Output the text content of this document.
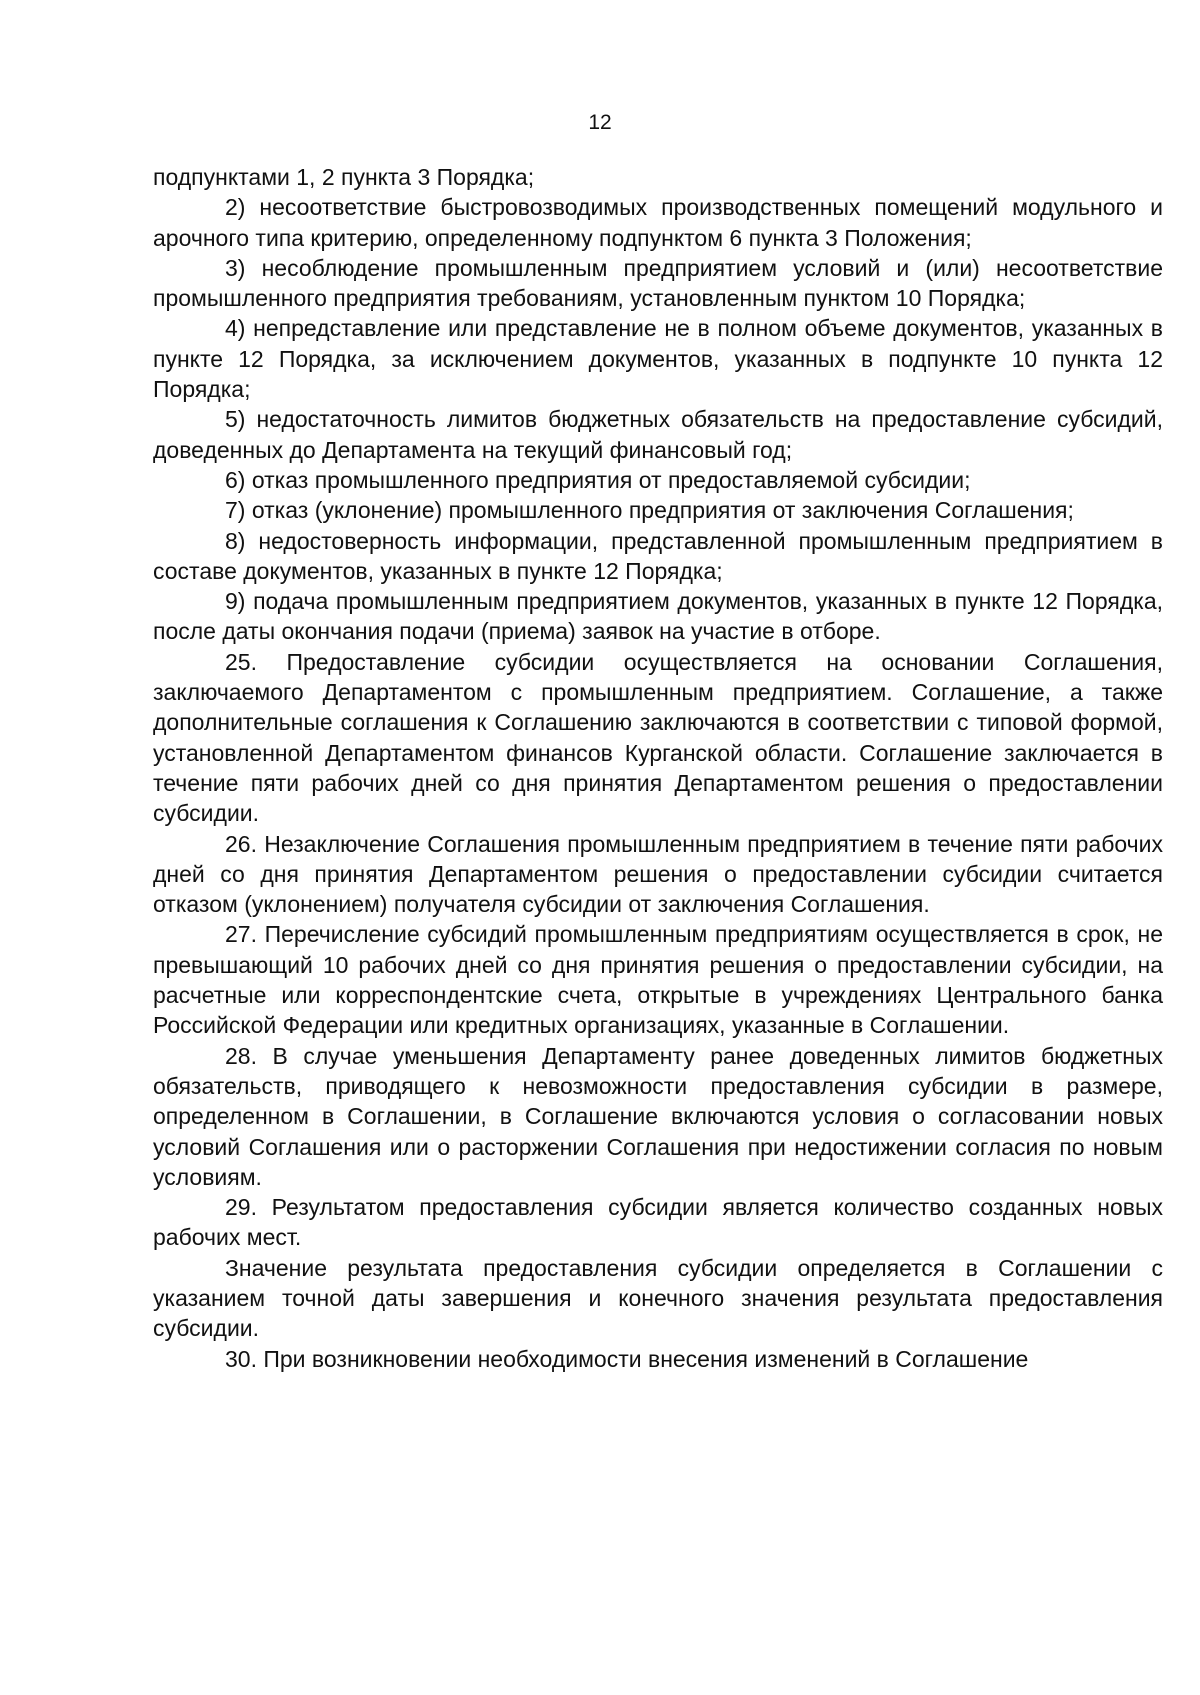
12

подпунктами 1, 2 пункта 3 Порядка;

2) несоответствие быстровозводимых производственных помещений модульного и арочного типа критерию, определенному подпунктом 6 пункта 3 Положения;

3) несоблюдение промышленным предприятием условий и (или) несоответствие промышленного предприятия требованиям, установленным пунктом 10 Порядка;

4) непредставление или представление не в полном объеме документов, указанных в пункте 12 Порядка, за исключением документов, указанных в подпункте 10 пункта 12 Порядка;

5) недостаточность лимитов бюджетных обязательств на предоставление субсидий, доведенных до Департамента на текущий финансовый год;

6) отказ промышленного предприятия от предоставляемой субсидии;

7) отказ (уклонение) промышленного предприятия от заключения Соглашения;

8) недостоверность информации, представленной промышленным предприятием в составе документов, указанных в пункте 12 Порядка;

9) подача промышленным предприятием документов, указанных в пункте 12 Порядка, после даты окончания подачи (приема) заявок на участие в отборе.

25. Предоставление субсидии осуществляется на основании Соглашения, заключаемого Департаментом с промышленным предприятием. Соглашение, а также дополнительные соглашения к Соглашению заключаются в соответствии с типовой формой, установленной Департаментом финансов Курганской области. Соглашение заключается в течение пяти рабочих дней со дня принятия Департаментом решения о предоставлении субсидии.

26. Незаключение Соглашения промышленным предприятием в течение пяти рабочих дней со дня принятия Департаментом решения о предоставлении субсидии считается отказом (уклонением) получателя субсидии от заключения Соглашения.

27. Перечисление субсидий промышленным предприятиям осуществляется в срок, не превышающий 10 рабочих дней со дня принятия решения о предоставлении субсидии, на расчетные или корреспондентские счета, открытые в учреждениях Центрального банка Российской Федерации или кредитных организациях, указанные в Соглашении.

28. В случае уменьшения Департаменту ранее доведенных лимитов бюджетных обязательств, приводящего к невозможности предоставления субсидии в размере, определенном в Соглашении, в Соглашение включаются условия о согласовании новых условий Соглашения или о расторжении Соглашения при недостижении согласия по новым условиям.

29. Результатом предоставления субсидии является количество созданных новых рабочих мест.

Значение результата предоставления субсидии определяется в Соглашении с указанием точной даты завершения и конечного значения результата предоставления субсидии.

30. При возникновении необходимости внесения изменений в Соглашение
